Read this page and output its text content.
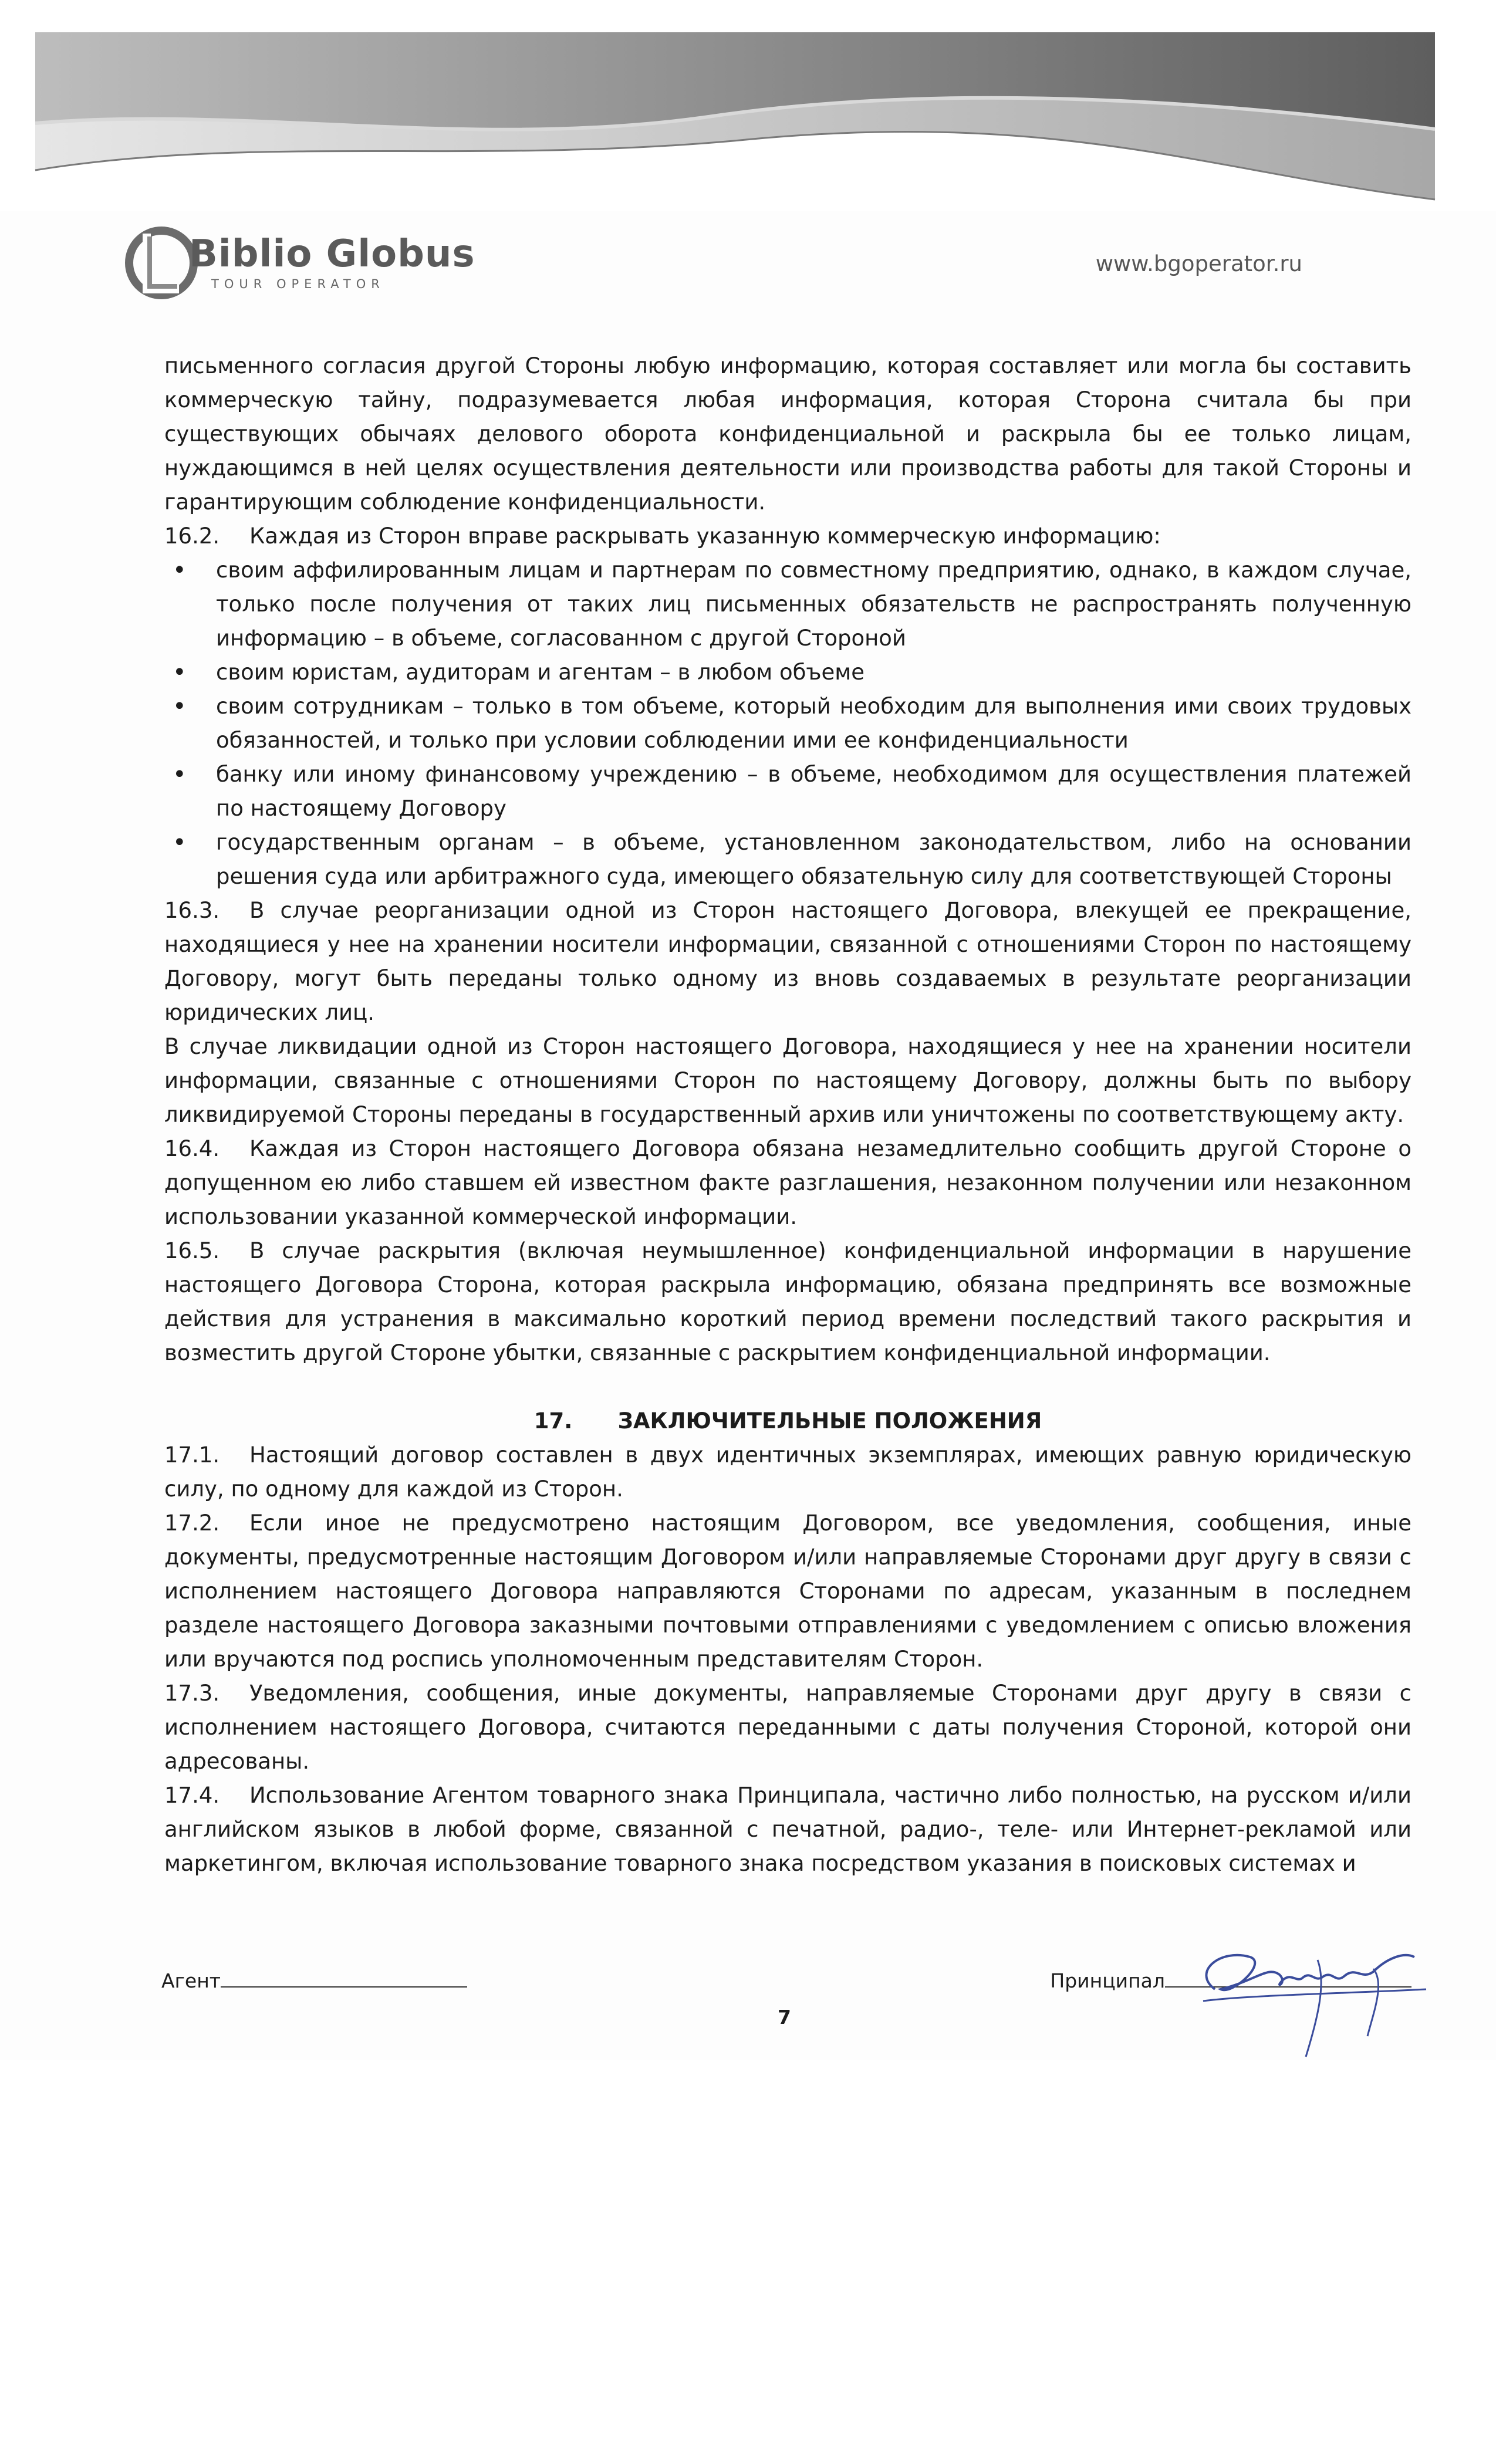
Biblio Globus
TOUR OPERATOR
www.bgoperator.ru

письменного согласия другой Стороны любую информацию, которая составляет или могла бы составить коммерческую тайну, подразумевается любая информация, которая Сторона считала бы при существующих обычаях делового оборота конфиденциальной и раскрыла бы ее только лицам, нуждающимся в ней целях осуществления деятельности или производства работы для такой Стороны и гарантирующим соблюдение конфиденциальности.

16.2. Каждая из Сторон вправе раскрывать указанную коммерческую информацию:

• своим аффилированным лицам и партнерам по совместному предприятию, однако, в каждом случае, только после получения от таких лиц письменных обязательств не распространять полученную информацию – в объеме, согласованном с другой Стороной
• своим юристам, аудиторам и агентам – в любом объеме
• своим сотрудникам – только в том объеме, который необходим для выполнения ими своих трудовых обязанностей, и только при условии соблюдении ими ее конфиденциальности
• банку или иному финансовому учреждению – в объеме, необходимом для осуществления платежей по настоящему Договору
• государственным органам – в объеме, установленном законодательством, либо на основании решения суда или арбитражного суда, имеющего обязательную силу для соответствующей Стороны

16.3. В случае реорганизации одной из Сторон настоящего Договора, влекущей ее прекращение, находящиеся у нее на хранении носители информации, связанной с отношениями Сторон по настоящему Договору, могут быть переданы только одному из вновь создаваемых в результате реорганизации юридических лиц.

В случае ликвидации одной из Сторон настоящего Договора, находящиеся у нее на хранении носители информации, связанные с отношениями Сторон по настоящему Договору, должны быть по выбору ликвидируемой Стороны переданы в государственный архив или уничтожены по соответствующему акту.

16.4. Каждая из Сторон настоящего Договора обязана незамедлительно сообщить другой Стороне о допущенном ею либо ставшем ей известном факте разглашения, незаконном получении или незаконном использовании указанной коммерческой информации.

16.5. В случае раскрытия (включая неумышленное) конфиденциальной информации в нарушение настоящего Договора Сторона, которая раскрыла информацию, обязана предпринять все возможные действия для устранения в максимально короткий период времени последствий такого раскрытия и возместить другой Стороне убытки, связанные с раскрытием конфиденциальной информации.

17. ЗАКЛЮЧИТЕЛЬНЫЕ ПОЛОЖЕНИЯ

17.1. Настоящий договор составлен в двух идентичных экземплярах, имеющих равную юридическую силу, по одному для каждой из Сторон.

17.2. Если иное не предусмотрено настоящим Договором, все уведомления, сообщения, иные документы, предусмотренные настоящим Договором и/или направляемые Сторонами друг другу в связи с исполнением настоящего Договора направляются Сторонами по адресам, указанным в последнем разделе настоящего Договора заказными почтовыми отправлениями с уведомлением с описью вложения или вручаются под роспись уполномоченным представителям Сторон.

17.3. Уведомления, сообщения, иные документы, направляемые Сторонами друг другу в связи с исполнением настоящего Договора, считаются переданными с даты получения Стороной, которой они адресованы.

17.4. Использование Агентом товарного знака Принципала, частично либо полностью, на русском и/или английском языков в любой форме, связанной с печатной, радио-, теле- или Интернет-рекламой или маркетингом, включая использование товарного знака посредством указания в поисковых системах и

Агент	Принципал
7
